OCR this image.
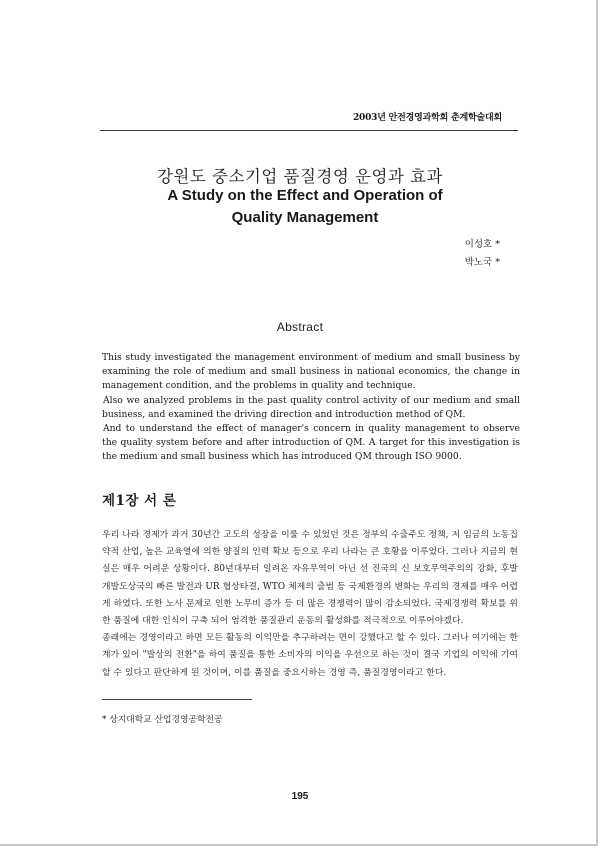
2003년 안전경영과학회 춘계학술대회
강원도 중소기업 품질경영 운영과 효과
A Study on the Effect and Operation of Quality Management
이성호 *
박노국 *
Abstract

This study investigated the management environment of medium and small business by examining the role of medium and small business in national economics, the change in management condition, and the problems in quality and technique.

Also we analyzed problems in the past quality control activity of our medium and small business, and examined the driving direction and introduction method of QM.

And to understand the effect of manager's concern in quality management to observe the quality system before and after introduction of QM. A target for this investigation is the medium and small business which has introduced QM through ISO 9000.

제1장 서 론

우리 나라 경제가 과거 30년간 고도의 성장을 이룰 수 있었던 것은 정부의 수출주도 정책, 저 임금의 노동집약적 산업, 높은 교육열에 의한 양질의 인력 확보 등으로 우리 나라는 큰 호황을 이루었다. 그러나 지금의 현실은 매우 어려운 상황이다. 80년대부터 일려온 자유무역이 아닌 선 진국의 신 보호무역주의의 강화, 후발 개발도상국의 빠른 발전과 UR 협상타결, WTO 체제의 출범 등 국제환경의 변화는 우리의 경제를 매우 어렵게 하였다. 또한 노사 문제로 인한 노무비 증가 등 더 많은 경쟁력이 많이 감소되었다. 국제경쟁력 확보를 위한 품질에 대한 인식이 구축 되어 엄격한 품질관리 운동의 활성화를 적극적으로 이루어야겠다.

종래에는 경영이라고 하면 모든 활동의 이익만을 추구하려는 면이 강했다고 할 수 있다. 그러나 여기에는 한계가 있어 "발상의 전환"을 하여 품질을 통한 소비자의 이익을 우선으로 하는 것이 결국 기업의 이익에 기여할 수 있다고 판단하게 된 것이며, 이를 품질을 중요시하는 경영 즉, 품질경영이라고 한다.

* 상지대학교 산업경영공학전공
195
